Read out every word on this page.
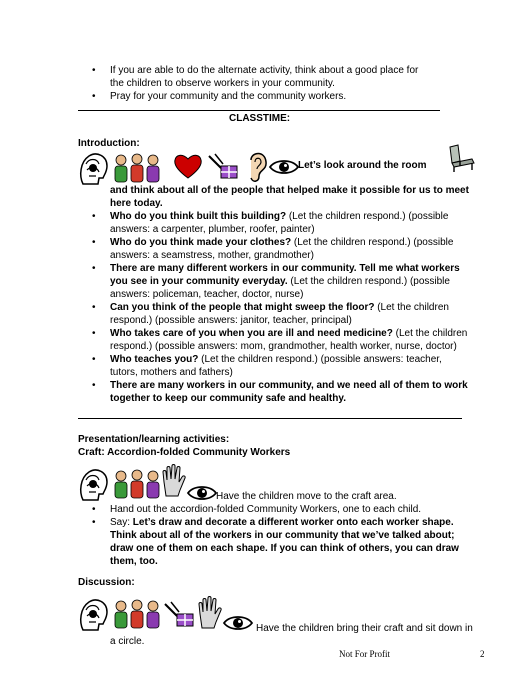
• If you are able to do the alternate activity, think about a good place for
the children to observe workers in your community.
• Pray for your community and the community workers.
CLASSTIME:
Introduction:
Let’s look around the room
and think about all of the people that helped make it possible for us to meet
here today.
• Who do you think built this building? (Let the children respond.) (possible
answers: a carpenter, plumber, roofer, painter)
• Who do you think made your clothes? (Let the children respond.) (possible
answers: a seamstress, mother, grandmother)
• There are many different workers in our community. Tell me what workers
you see in your community everyday. (Let the children respond.) (possible
answers: policeman, teacher, doctor, nurse)
• Can you think of the people that might sweep the floor? (Let the children
respond.) (possible answers: janitor, teacher, principal)
• Who takes care of you when you are ill and need medicine? (Let the children
respond.) (possible answers: mom, grandmother, health worker, nurse, doctor)
• Who teaches you? (Let the children respond.) (possible answers: teacher,
tutors, mothers and fathers)
• There are many workers in our community, and we need all of them to work
together to keep our community safe and healthy.
Presentation/learning activities:
Craft: Accordion-folded Community Workers
Have the children move to the craft area.
• Hand out the accordion-folded Community Workers, one to each child.
• Say: Let’s draw and decorate a different worker onto each worker shape.
Think about all of the workers in our community that we’ve talked about;
draw one of them on each shape. If you can think of others, you can draw
them, too.
Discussion:
Have the children bring their craft and sit down in
a circle.
Not For Profit	2
